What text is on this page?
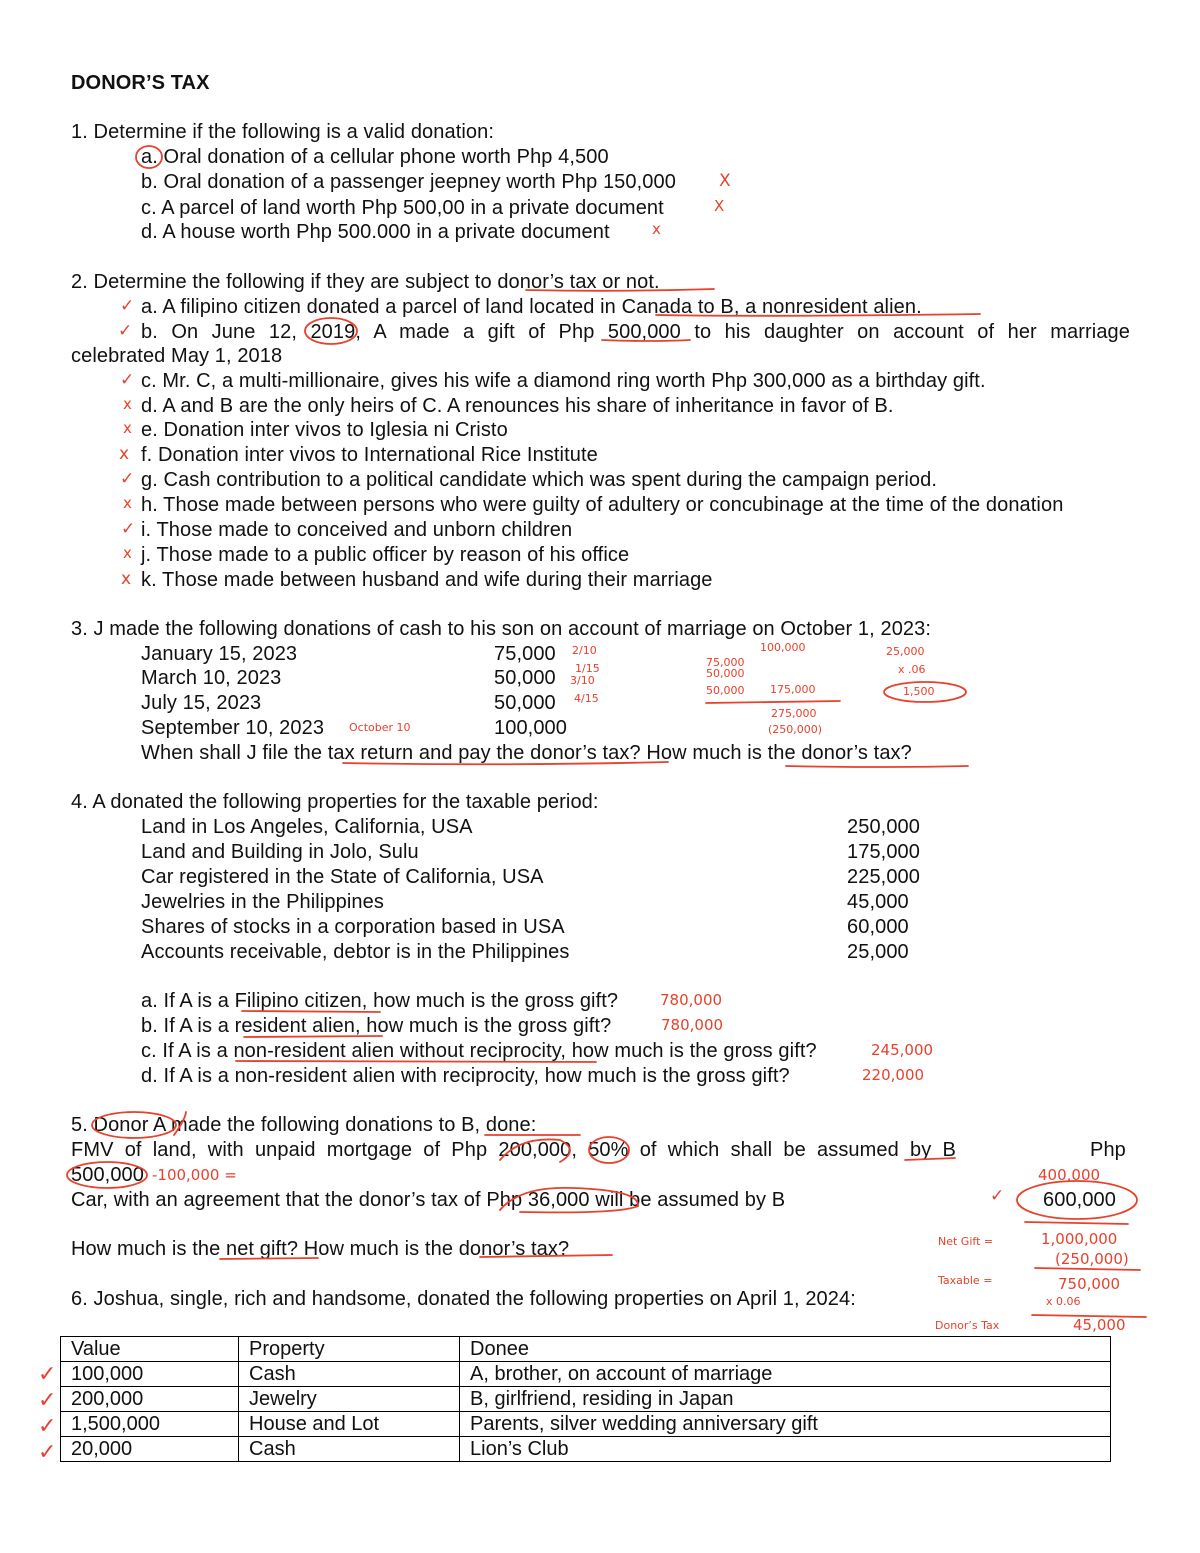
DONOR’S TAX
1. Determine if the following is a valid donation:
a. Oral donation of a cellular phone worth Php 4,500
b. Oral donation of a passenger jeepney worth Php 150,000
c. A parcel of land worth Php 500,00 in a private document
d. A house worth Php 500.000 in a private document
X
X
x
2. Determine the following if they are subject to donor’s tax or not.
a. A filipino citizen donated a parcel of land located in Canada to B, a nonresident alien.
b. On June 12, 2019, A made a gift of Php 500,000 to his daughter on account of her marriage
celebrated May 1, 2018
c. Mr. C, a multi-millionaire, gives his wife a diamond ring worth Php 300,000 as a birthday gift.
d. A and B are the only heirs of C. A renounces his share of inheritance in favor of B.
e. Donation inter vivos to Iglesia ni Cristo
f. Donation inter vivos to International Rice Institute
g. Cash contribution to a political candidate which was spent during the campaign period.
h. Those made between persons who were guilty of adultery or concubinage at the time of the donation
i. Those made to conceived and unborn children
j. Those made to a public officer by reason of his office
k. Those made between husband and wife during their marriage
✓
✓
✓
x
x
x
✓
x
✓
x
x
3. J made the following donations of cash to his son on account of marriage on October 1, 2023:
January 15, 2023	75,000
March 10, 2023	50,000
July 15, 2023	50,000
September 10, 2023	100,000
When shall J file the tax return and pay the donor’s tax? How much is the donor’s tax?
2/10
1/15
3/10
4/15
October 10
75,000
50,000
50,000 175,000
100,000
275,000
(250,000)
25,000
x .06
1,500
4. A donated the following properties for the taxable period:
Land in Los Angeles, California, USA	250,000
Land and Building in Jolo, Sulu	175,000
Car registered in the State of California, USA	225,000
Jewelries in the Philippines	45,000
Shares of stocks in a corporation based in USA	60,000
Accounts receivable, debtor is in the Philippines	25,000
a. If A is a Filipino citizen, how much is the gross gift?
b. If A is a resident alien, how much is the gross gift?
c. If A is a non-resident alien without reciprocity, how much is the gross gift?
d. If A is a non-resident alien with reciprocity, how much is the gross gift?
780,000
780,000
245,000
220,000
5. Donor A made the following donations to B, done:
FMV of land, with unpaid mortgage of Php 200,000, 50% of which shall be assumed by B	Php
500,000 -100,000 =
Car, with an agreement that the donor’s tax of Php 36,000 will be assumed by B	600,000
How much is the net gift? How much is the donor’s tax?
400,000
✓
Net Gift =	1,000,000
(250,000)
Taxable =	750,000
x 0.06
Donor’s Tax	45,000
6. Joshua, single, rich and handsome, donated the following properties on April 1, 2024:
Value	Property	Donee
100,000	Cash	A, brother, on account of marriage
200,000	Jewelry	B, girlfriend, residing in Japan
1,500,000	House and Lot	Parents, silver wedding anniversary gift
20,000	Cash	Lion’s Club
✓
✓
✓
✓
